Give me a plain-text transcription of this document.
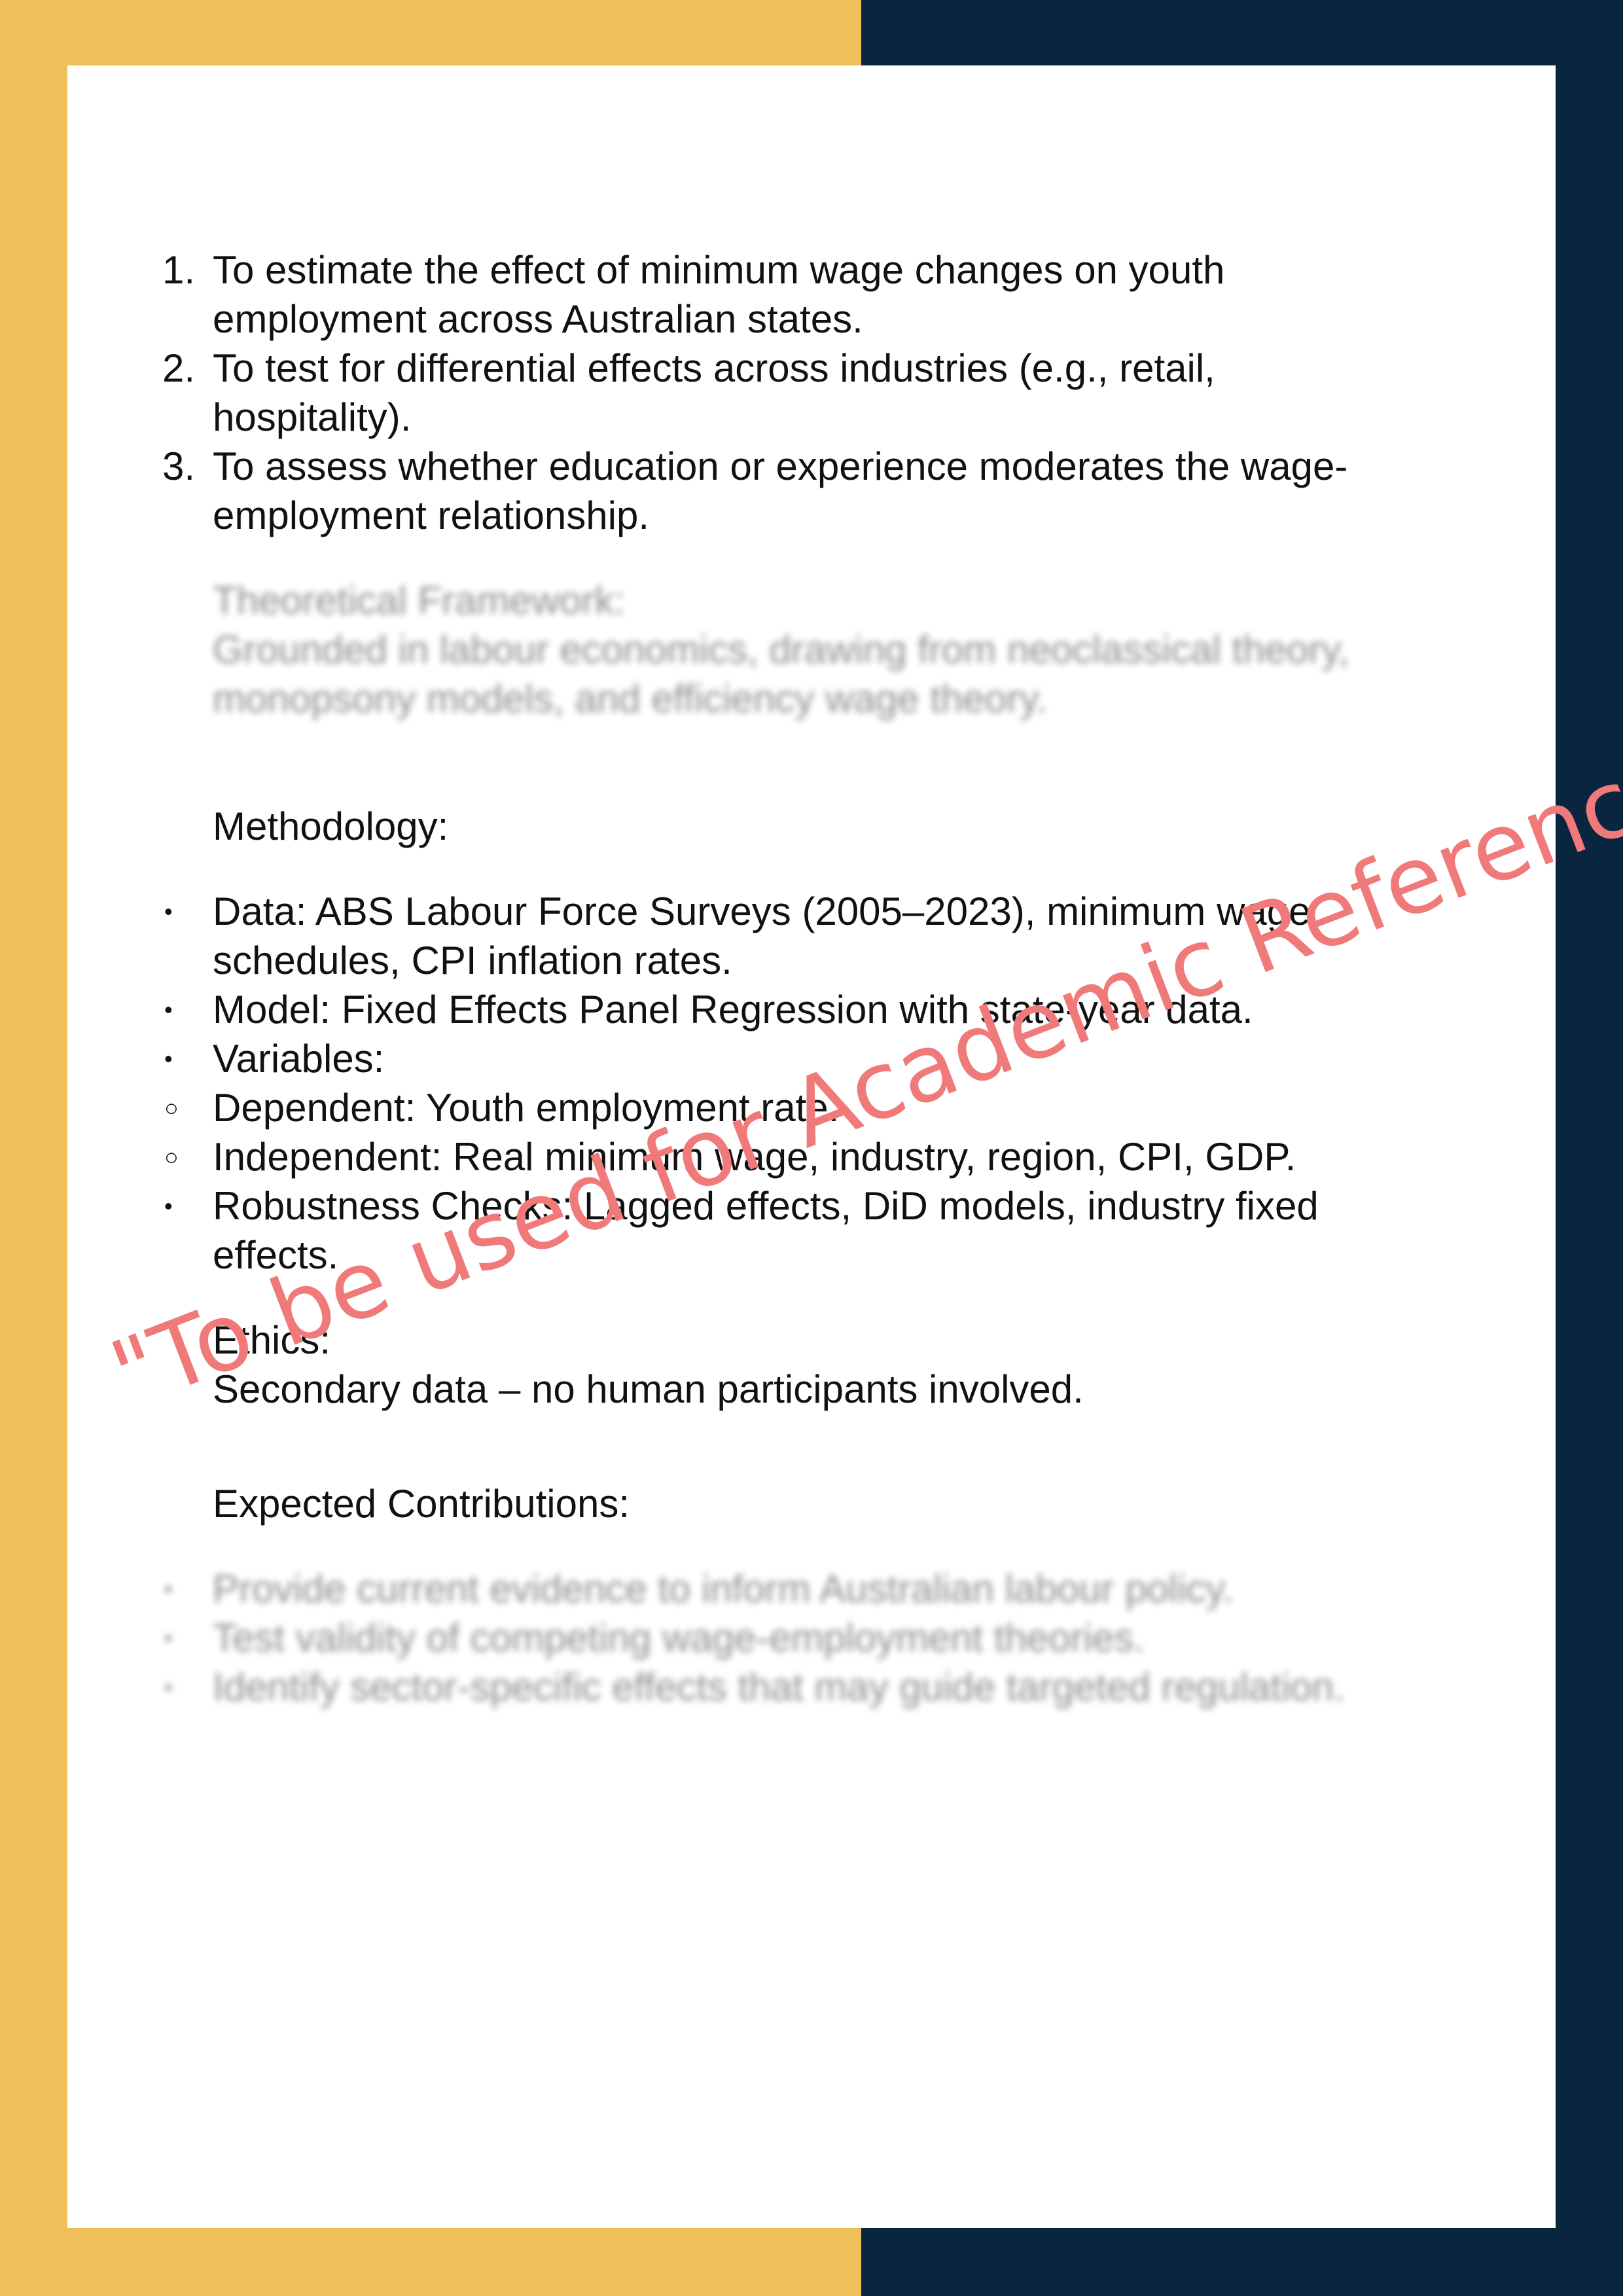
1. To estimate the effect of minimum wage changes on youth
employment across Australian states.
2. To test for differential effects across industries (e.g., retail,
hospitality).
3. To assess whether education or experience moderates the wage-
employment relationship.
Theoretical Framework:
Grounded in labour economics, drawing from neoclassical theory,
monopsony models, and efficiency wage theory.
Methodology:
•	Data: ABS Labour Force Surveys (2005–2023), minimum wage
schedules, CPI inflation rates.
•	Model: Fixed Effects Panel Regression with state-year data.
•	Variables:
○ Dependent: Youth employment rate.
○ Independent: Real minimum wage, industry, region, CPI, GDP.
•	Robustness Checks: Lagged effects, DiD models, industry fixed
effects.
Ethics:
Secondary data – no human participants involved.
Expected Contributions:
•	Provide current evidence to inform Australian labour policy.
•	Test validity of competing wage-employment theories.
•	Identify sector-specific effects that may guide targeted regulation.
"To be used for Academic Reference
